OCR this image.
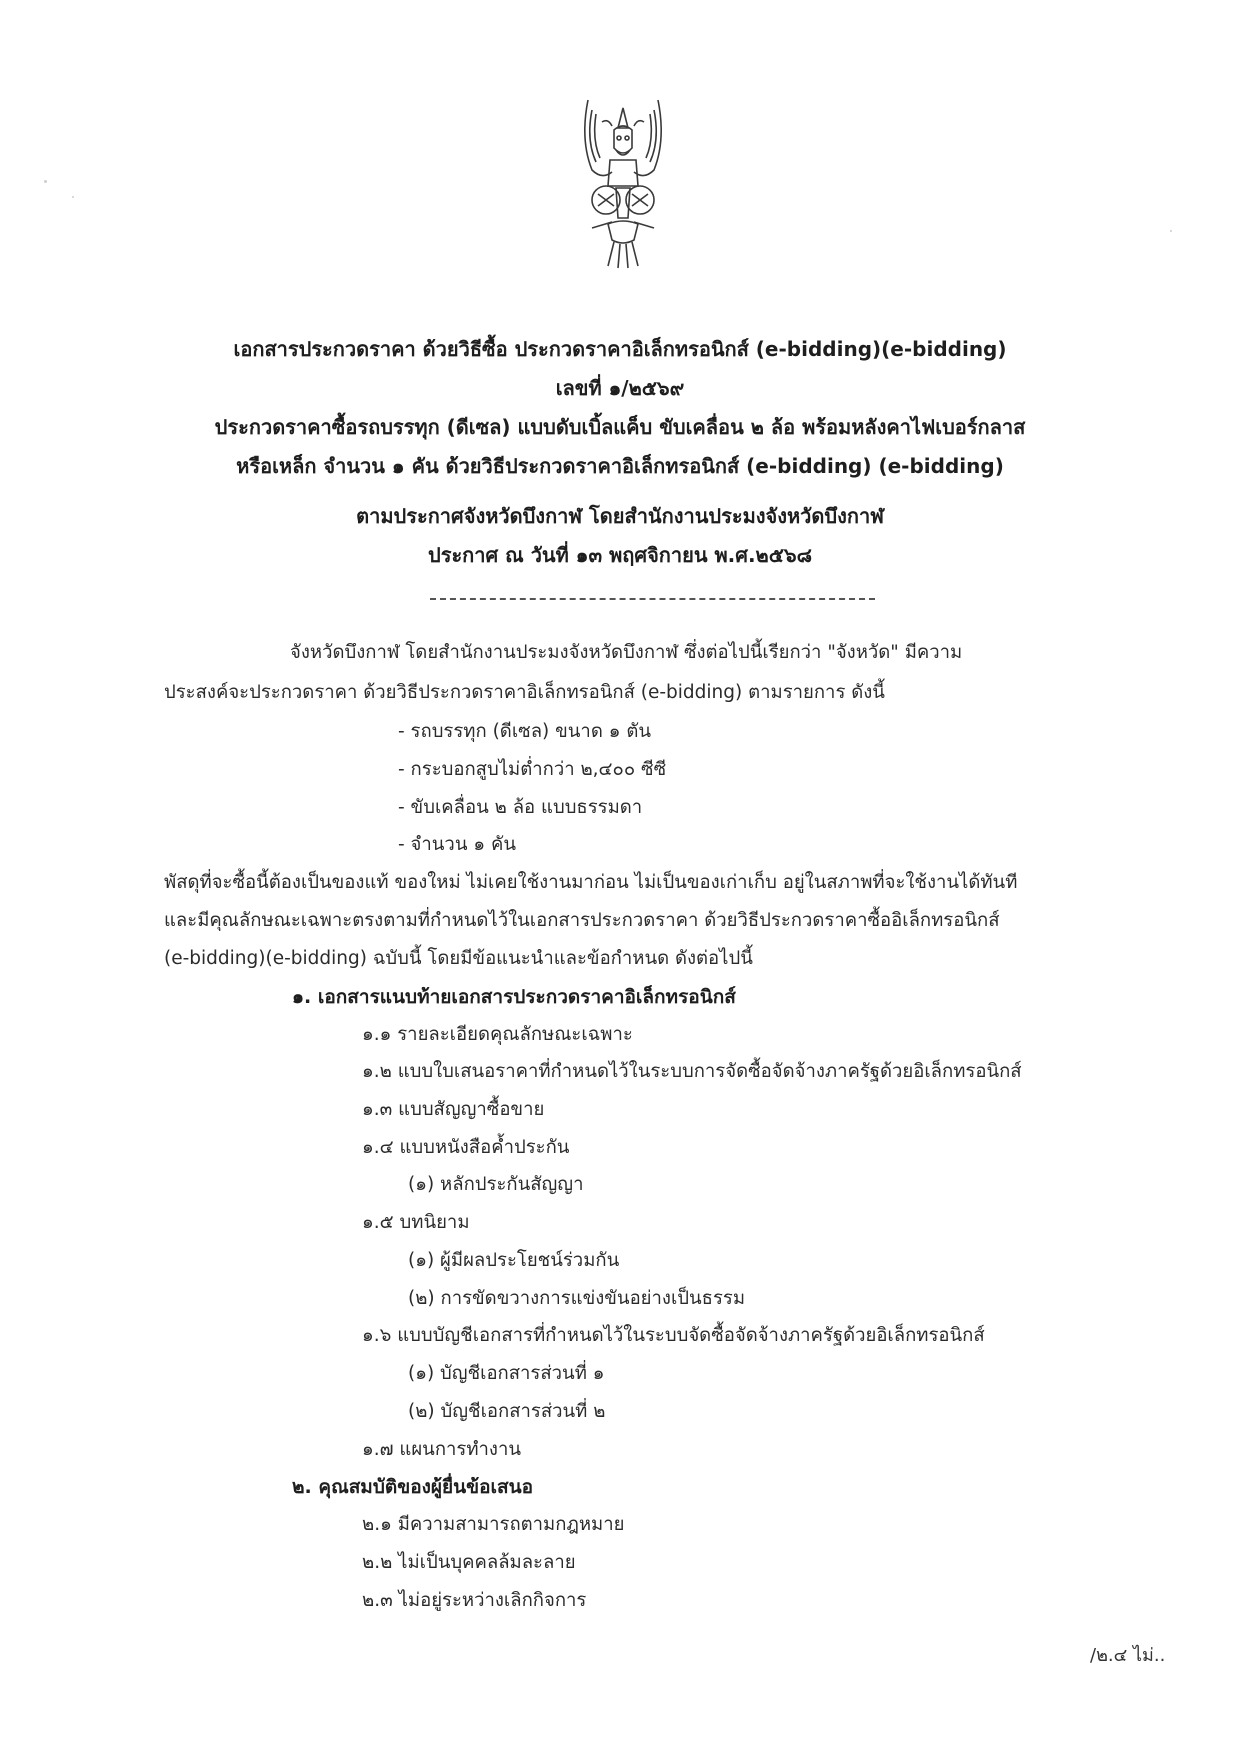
เอกสารประกวดราคา ด้วยวิธีซื้อ ประกวดราคาอิเล็กทรอนิกส์ (e-bidding)(e-bidding)
เลขที่ ๑/๒๕๖๙
ประกวดราคาซื้อรถบรรทุก (ดีเซล) แบบดับเบิ้ลแค็บ ขับเคลื่อน ๒ ล้อ พร้อมหลังคาไฟเบอร์กลาส
หรือเหล็ก จำนวน ๑ คัน ด้วยวิธีประกวดราคาอิเล็กทรอนิกส์ (e-bidding) (e-bidding)
ตามประกาศจังหวัดบึงกาฬ โดยสำนักงานประมงจังหวัดบึงกาฬ
ประกาศ ณ วันที่ ๑๓ พฤศจิกายน พ.ศ.๒๕๖๘
จังหวัดบึงกาฬ โดยสำนักงานประมงจังหวัดบึงกาฬ ซึ่งต่อไปนี้เรียกว่า "จังหวัด" มีความ
ประสงค์จะประกวดราคา ด้วยวิธีประกวดราคาอิเล็กทรอนิกส์ (e-bidding) ตามรายการ ดังนี้
- รถบรรทุก (ดีเซล) ขนาด ๑ ตัน
- กระบอกสูบไม่ต่ำกว่า ๒,๔๐๐ ซีซี
- ขับเคลื่อน ๒ ล้อ แบบธรรมดา
- จำนวน ๑ คัน
พัสดุที่จะซื้อนี้ต้องเป็นของแท้ ของใหม่ ไม่เคยใช้งานมาก่อน ไม่เป็นของเก่าเก็บ อยู่ในสภาพที่จะใช้งานได้ทันที
และมีคุณลักษณะเฉพาะตรงตามที่กำหนดไว้ในเอกสารประกวดราคา ด้วยวิธีประกวดราคาซื้ออิเล็กทรอนิกส์
(e-bidding)(e-bidding) ฉบับนี้ โดยมีข้อแนะนำและข้อกำหนด ดังต่อไปนี้
๑. เอกสารแนบท้ายเอกสารประกวดราคาอิเล็กทรอนิกส์
๑.๑ รายละเอียดคุณลักษณะเฉพาะ
๑.๒ แบบใบเสนอราคาที่กำหนดไว้ในระบบการจัดซื้อจัดจ้างภาครัฐด้วยอิเล็กทรอนิกส์
๑.๓ แบบสัญญาซื้อขาย
๑.๔ แบบหนังสือค้ำประกัน
(๑) หลักประกันสัญญา
๑.๕ บทนิยาม
(๑) ผู้มีผลประโยชน์ร่วมกัน
(๒) การขัดขวางการแข่งขันอย่างเป็นธรรม
๑.๖ แบบบัญชีเอกสารที่กำหนดไว้ในระบบจัดซื้อจัดจ้างภาครัฐด้วยอิเล็กทรอนิกส์
(๑) บัญชีเอกสารส่วนที่ ๑
(๒) บัญชีเอกสารส่วนที่ ๒
๑.๗ แผนการทำงาน
๒. คุณสมบัติของผู้ยื่นข้อเสนอ
๒.๑ มีความสามารถตามกฎหมาย
๒.๒ ไม่เป็นบุคคลล้มละลาย
๒.๓ ไม่อยู่ระหว่างเลิกกิจการ
/๒.๔ ไม่..
